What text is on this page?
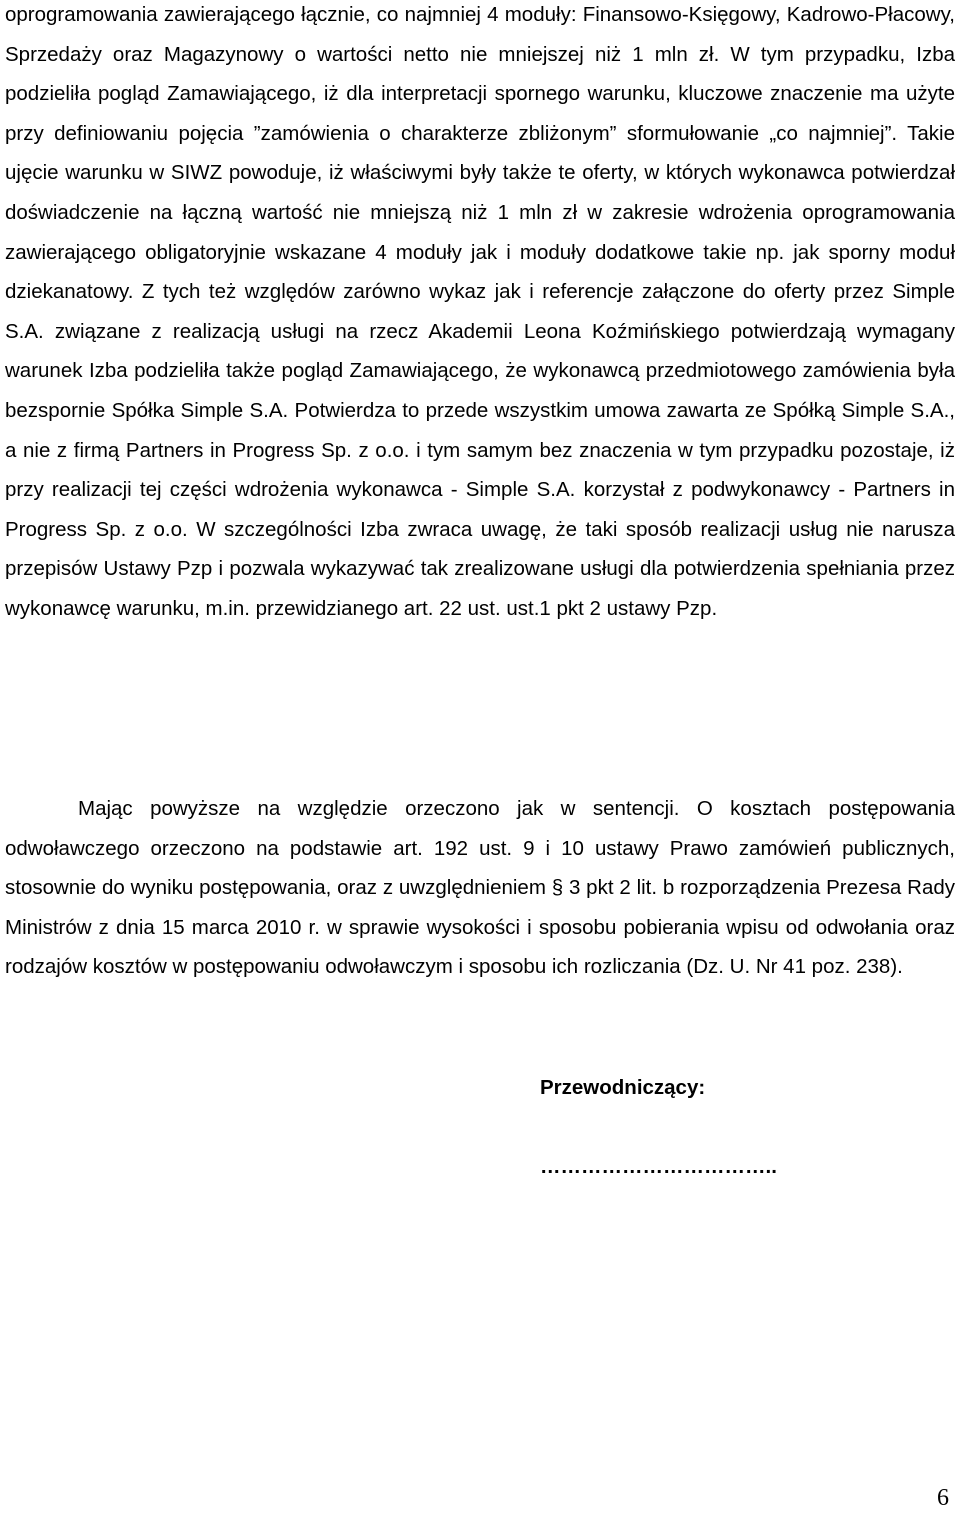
oprogramowania zawierającego łącznie, co najmniej 4 moduły: Finansowo-Księgowy, Kadrowo-Płacowy, Sprzedaży oraz Magazynowy o wartości netto nie mniejszej niż 1 mln zł. W tym przypadku, Izba podzieliła pogląd Zamawiającego, iż dla interpretacji spornego warunku, kluczowe znaczenie ma użyte przy definiowaniu pojęcia ”zamówienia o charakterze zbliżonym” sformułowanie „co najmniej”. Takie ujęcie warunku w SIWZ powoduje, iż właściwymi były także te oferty, w których wykonawca potwierdzał doświadczenie na łączną wartość nie mniejszą niż 1 mln zł w zakresie wdrożenia oprogramowania zawierającego obligatoryjnie wskazane 4 moduły jak i moduły dodatkowe takie np. jak sporny moduł dziekanatowy. Z tych też względów zarówno wykaz jak i referencje załączone do oferty przez Simple S.A. związane z realizacją usługi na rzecz Akademii Leona Koźmińskiego potwierdzają wymagany warunek Izba podzieliła także pogląd Zamawiającego, że wykonawcą przedmiotowego zamówienia była bezspornie Spółka Simple S.A. Potwierdza to przede wszystkim umowa zawarta ze Spółką Simple S.A., a nie z firmą Partners in Progress Sp. z o.o. i tym samym bez znaczenia w tym przypadku pozostaje, iż przy realizacji tej części wdrożenia wykonawca - Simple S.A. korzystał z podwykonawcy - Partners in Progress Sp. z o.o. W szczególności Izba zwraca uwagę, że taki sposób realizacji usług nie narusza przepisów Ustawy Pzp i pozwala wykazywać tak zrealizowane usługi dla potwierdzenia spełniania przez wykonawcę warunku, m.in. przewidzianego art. 22 ust. ust.1 pkt 2 ustawy Pzp.

Mając powyższe na względzie orzeczono jak w sentencji. O kosztach postępowania odwoławczego orzeczono na podstawie art. 192 ust. 9 i 10 ustawy Prawo zamówień publicznych, stosownie do wyniku postępowania, oraz z uwzględnieniem § 3 pkt 2 lit. b rozporządzenia Prezesa Rady Ministrów z dnia 15 marca 2010 r. w sprawie wysokości i sposobu pobierania wpisu od odwołania oraz rodzajów kosztów w postępowaniu odwoławczym i sposobu ich rozliczania (Dz. U. Nr 41 poz. 238).

Przewodniczący:

……………………………..

6
